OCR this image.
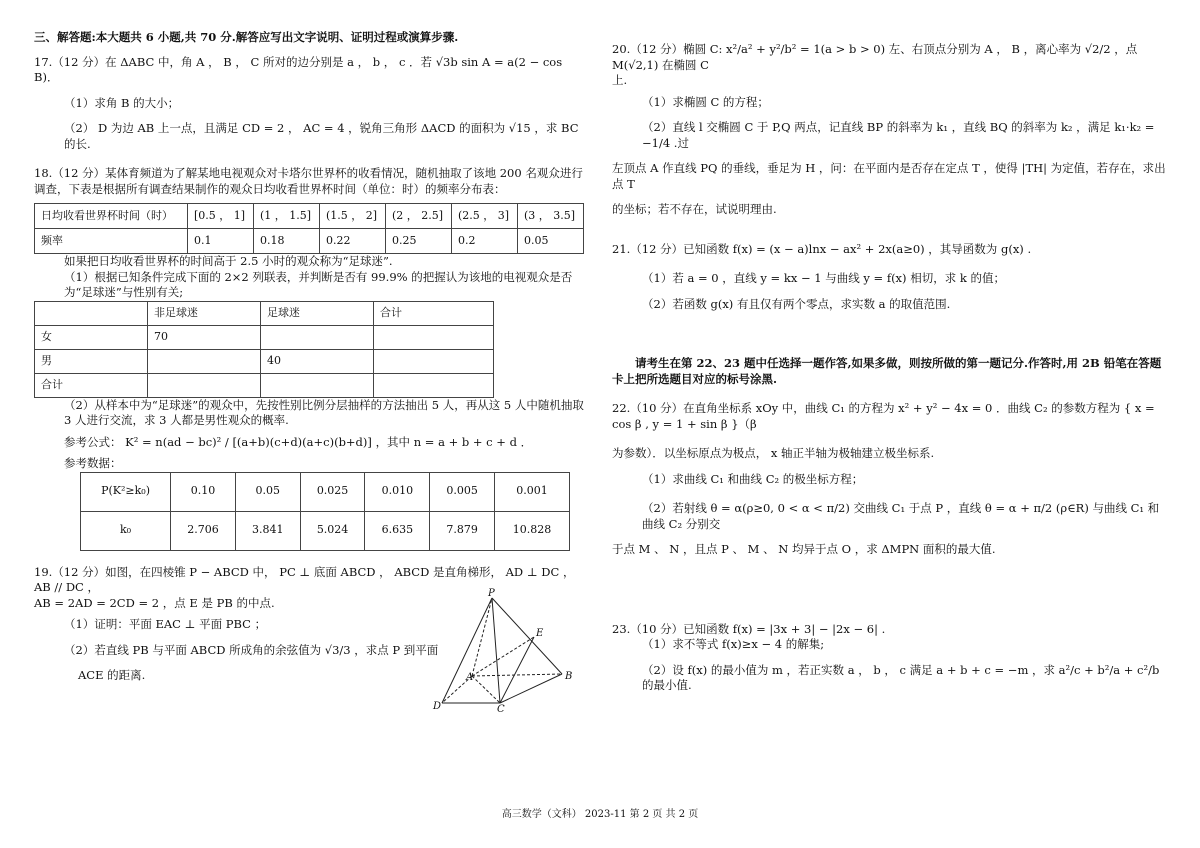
三、解答题:本大题共 6 小题,共 70 分.解答应写出文字说明、证明过程或演算步骤.

17.（12 分）在 ΔABC 中，角 A ， B ， C 所对的边分别是 a ， b ， c ．若 √3b sin A = a(2 − cos B)．

（1）求角 B 的大小；

（2） D 为边 AB 上一点，且满足 CD = 2 ， AC = 4 ，锐角三角形 ΔACD 的面积为 √15 ，求 BC 的长.

18.（12 分）某体育频道为了解某地电视观众对卡塔尔世界杯的收看情况，随机抽取了该地 200 名观众进行调查，下表是根据所有调查结果制作的观众日均收看世界杯时间（单位：时）的频率分布表：

日均收看世界杯时间（时）	[0.5 ， 1]	(1 ， 1.5]	(1.5 ， 2]	(2 ， 2.5]	(2.5 ， 3]	(3 ， 3.5]
频率	0.1	0.18	0.22	0.25	0.2	0.05

如果把日均收看世界杯的时间高于 2.5 小时的观众称为“足球迷”.

（1）根据已知条件完成下面的 2×2 列联表，并判断是否有 99.9% 的把握认为该地的电视观众是否为“足球迷”与性别有关;

	非足球迷	足球迷	合计
女	70		
男		40	
合计			

（2）从样本中为“足球迷”的观众中，先按性别比例分层抽样的方法抽出 5 人，再从这 5 人中随机抽取 3 人进行交流，求 3 人都是男性观众的概率.

参考公式： K² = n(ad − bc)² / [(a+b)(c+d)(a+c)(b+d)] ，其中 n = a + b + c + d ．

参考数据：

P(K²≥k₀)	0.10	0.05	0.025	0.010	0.005	0.001
k₀	2.706	3.841	5.024	6.635	7.879	10.828

19.（12 分）如图，在四棱锥 P − ABCD 中， PC ⊥ 底面 ABCD ， ABCD 是直角梯形， AD ⊥ DC ， AB // DC ，

AB = 2AD = 2CD = 2 ，点 E 是 PB 的中点.

（1）证明：平面 EAC ⊥ 平面 PBC ；

（2）若直线 PB 与平面 ABCD 所成角的余弦值为 √3/3 ，求点 P 到平面

ACE 的距离.

P
E
A	B
C
D

20.（12 分）椭圆 C: x²/a² + y²/b² = 1(a > b > 0) 左、右顶点分别为 A ， B ，离心率为 √2/2 ，点 M(√2,1) 在椭圆 C

上.

（1）求椭圆 C 的方程；

（2）直线 l 交椭圆 C 于 P,Q 两点，记直线 BP 的斜率为 k₁ ，直线 BQ 的斜率为 k₂ ，满足 k₁·k₂ = −1/4 .过

左顶点 A 作直线 PQ 的垂线，垂足为 H ，问：在平面内是否存在定点 T ，使得 |TH| 为定值，若存在，求出点 T

的坐标；若不存在，试说明理由.

21.（12 分）已知函数 f(x) = (x − a)lnx − ax² + 2x(a≥0) ，其导函数为 g(x) .

（1）若 a = 0 ，直线 y = kx − 1 与曲线 y = f(x) 相切，求 k 的值；

（2）若函数 g(x) 有且仅有两个零点，求实数 a 的取值范围.

请考生在第 22、23 题中任选择一题作答,如果多做，则按所做的第一题记分.作答时,用 2B 铅笔在答题卡上把所选题目对应的标号涂黑.

22.（10 分）在直角坐标系 xOy 中，曲线 C₁ 的方程为 x² + y² − 4x = 0 ．曲线 C₂ 的参数方程为 { x = cos β , y = 1 + sin β }（β

为参数）．以坐标原点为极点， x 轴正半轴为极轴建立极坐标系.

（1）求曲线 C₁ 和曲线 C₂ 的极坐标方程；

（2）若射线 θ = α(ρ≥0, 0 < α < π/2) 交曲线 C₁ 于点 P ，直线 θ = α + π/2 (ρ∈R) 与曲线 C₁ 和曲线 C₂ 分别交

于点 M 、 N ，且点 P 、 M 、 N 均异于点 O ，求 ΔMPN 面积的最大值.

23.（10 分）已知函数 f(x) = |3x + 3| − |2x − 6| .

（1）求不等式 f(x)≥x − 4 的解集;

（2）设 f(x) 的最小值为 m ，若正实数 a ， b ， c 满足 a + b + c = −m ，求 a²/c + b²/a + c²/b 的最小值.

高三数学（文科） 2023-11 第 2 页 共 2 页
